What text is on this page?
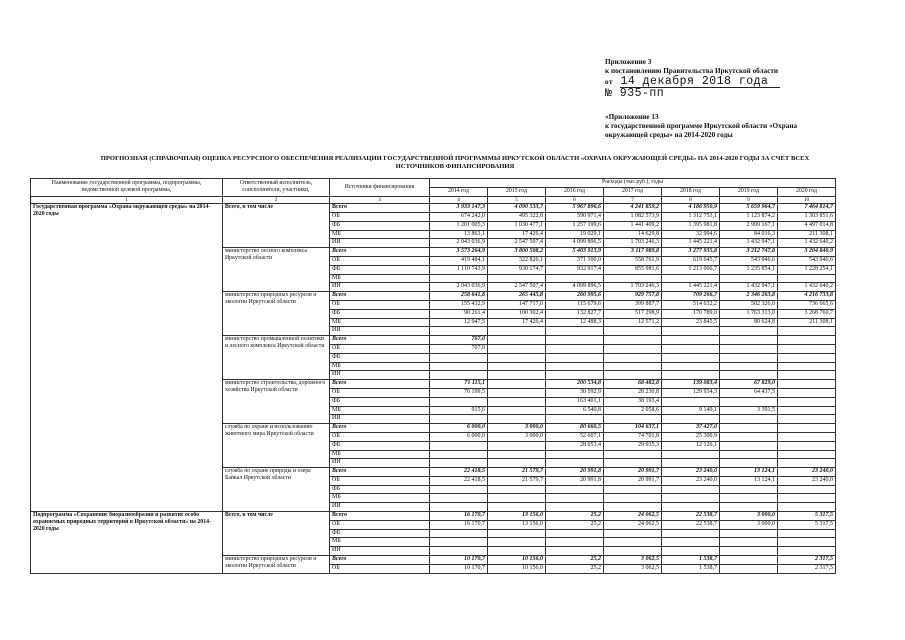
Приложение 3
к постановлению Правительства Иркутской области
от 14 декабря 2018 года
№ 935-пп
«Приложение 13
к государственной программе Иркутской области «Охрана
окружающей среды» на 2014-2020 годы
ПРОГНОЗНАЯ (СПРАВОЧНАЯ) ОЦЕНКА РЕСУРСНОГО ОБЕСПЕЧЕНИЯ РЕАЛИЗАЦИИ ГОСУДАРСТВЕННОЙ ПРОГРАММЫ ИРКУТСКОЙ ОБЛАСТИ «ОХРАНА ОКРУЖАЮЩЕЙ СРЕДЫ» НА 2014-2020 ГОДЫ ЗА СЧЕТ ВСЕХ
ИСТОЧНИКОВ ФИНАНСИРОВАНИЯ
Наименование государственной программы, подпрограммы, ведомственной целевой программы,	Ответственный исполнитель, соисполнители, участники,	Источники финансирования	Расходы (тыс.руб.), годы						
			2014 год	2015 год	2016 год	2017 год	2018 год	2019 год	2020 год
1	2	3	4	5	6	7	8	9	10
Государственная программа «Охрана окружающей среды» на 2014-2020 годы	Всего, в том числе	Всего	3 933 147,3	4 090 533,7	5 967 896,6	4 241 859,2	4 186 950,9	5 659 964,7	7 464 814,7
		ОБ	674 242,0	495 322,8	590 971,4	1 082 573,9	1 312 753,1	1 123 874,2	1 303 851,6
		ФБ	1 201 005,3	1 030 477,1	1 257 199,6	1 441 409,2	1 395 981,8	2 999 167,1	4 497 014,8
		МБ	13 863,1	17 426,4	19 029,1	14 629,8	32 994,6	84 016,3	211 308,1
		ИИ	2 043 036,9	2 547 507,4	4 099 896,5	1 703 246,3	1 445 221,4	1 432 947,1	1 432 640,2
	министерство лесного комплекса Иркутской области	Всего	3 573 264,9	3 800 508,2	5 403 913,9	3 117 989,8	3 277 935,8	3 212 747,8	3 204 840,9
		ОБ	419 484,1	322 826,1	371 100,0	558 761,9	619 645,7	543 946,6	543 946,6
		ФБ	1 110 743,9	930 174,7	932 917,4	855 981,6	1 213 066,7	1 235 854,1	1 228 254,1
		МБ							
		ИИ	2 043 036,9	2 547 507,4	4 099 896,5	1 703 246,3	1 445 221,4	1 432 947,1	1 432 640,2
	министерство природных ресурсов и экологии Иркутской области	Всего	258 641,8	265 445,8	260 995,6	929 757,8	709 266,7	2 346 263,8	4 216 733,8
		ОБ	155 432,9	147 717,0	115 679,6	399 887,7	514 632,2	502 326,0	736 665,6
		ФБ	90 261,4	100 302,4	132 827,7	517 298,9	170 789,0	1 763 313,0	3 268 760,7
		МБ	12 947,5	17 426,4	12 488,3	12 571,2	23 845,5	80 624,8	211 308,1
		ИИ							
	министерство промышленной политики и лесного комплекса Иркутской области	Всего	707,0						
		ОБ	707,0						
		ФБ							
		МБ							
		ИИ							
	министерство строительства, дорожного хозяйства Иркутской области	Всего	71 115,1		200 534,8	68 482,8	139 083,4	67 829,0	
		ОБ	70 199,5		30 592,9	28 230,8	129 934,3	64 437,5	
		ФБ			163 401,1	38 193,4			
		МБ	915,6		6 540,8	2 058,6	9 149,1	3 391,5	
		ИИ							
	служба по охране и использованию животного мира Иркутской области	Всего	6 000,0	3 000,0	80 660,5	104 637,1	37 427,0		
		ОБ	6 000,0	3 000,0	52 607,1	74 701,8	25 300,9		
		ФБ			28 053,4	29 935,3	12 126,1		
		МБ							
		ИИ							
	служба по охране природы и озера Байкал Иркутской области	Всего	22 418,5	21 579,7	20 991,8	20 991,7	23 240,0	13 124,1	23 240,0
		ОБ	22 418,5	21 579,7	20 991,8	20 991,7	23 240,0	13 124,1	23 240,0
		ФБ							
		МБ							
		ИИ							
Подпрограмма «Сохранение биоразнообразия и развитие особо охраняемых природных территорий в Иркутской области» на 2014-2020 годы	Всего, в том числе	Всего	16 170,7	13 156,0	25,2	24 062,5	22 538,7	3 000,0	5 317,5
		ОБ	16 170,7	13 156,0	25,2	24 062,5	22 538,7	3 000,0	5 317,5
		ФБ							
		МБ							
		ИИ							
	министерство природных ресурсов и экологии Иркутской области	Всего	10 170,7	10 156,0	25,2	3 062,5	1 538,7		2 317,5
		ОБ	10 170,7	10 156,0	25,2	3 062,5	1 538,7		2 317,5
